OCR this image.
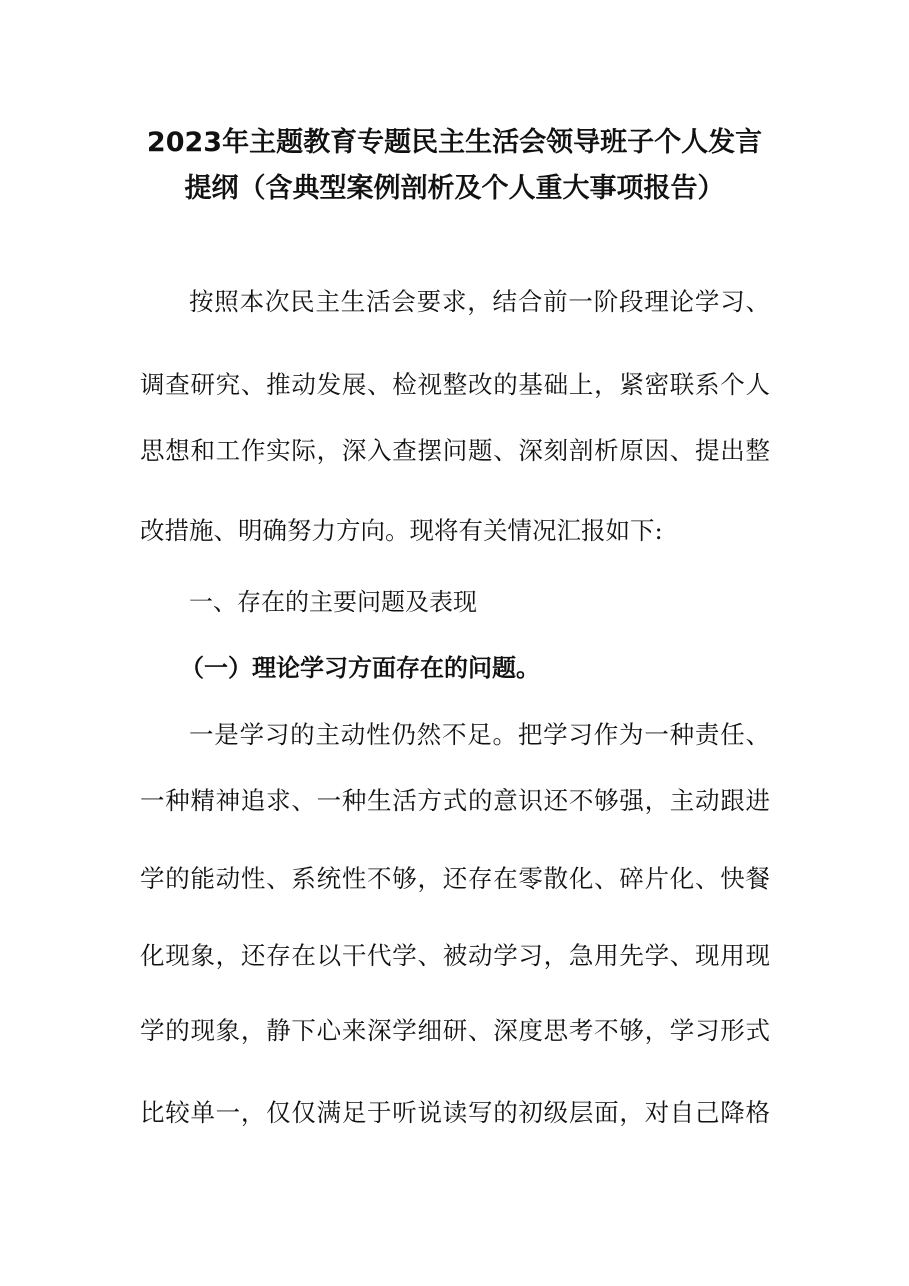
2023年主题教育专题民主生活会领导班子个人发言
提纲（含典型案例剖析及个人重大事项报告）
按照本次民主生活会要求，结合前一阶段理论学习、
调查研究、推动发展、检视整改的基础上，紧密联系个人
思想和工作实际，深入查摆问题、深刻剖析原因、提出整
改措施、明确努力方向。现将有关情况汇报如下:
一、存在的主要问题及表现
（一）理论学习方面存在的问题。
一是学习的主动性仍然不足。把学习作为一种责任、
一种精神追求、一种生活方式的意识还不够强，主动跟进
学的能动性、系统性不够，还存在零散化、碎片化、快餐
化现象，还存在以干代学、被动学习，急用先学、现用现
学的现象，静下心来深学细研、深度思考不够，学习形式
比较单一，仅仅满足于听说读写的初级层面，对自己降格
